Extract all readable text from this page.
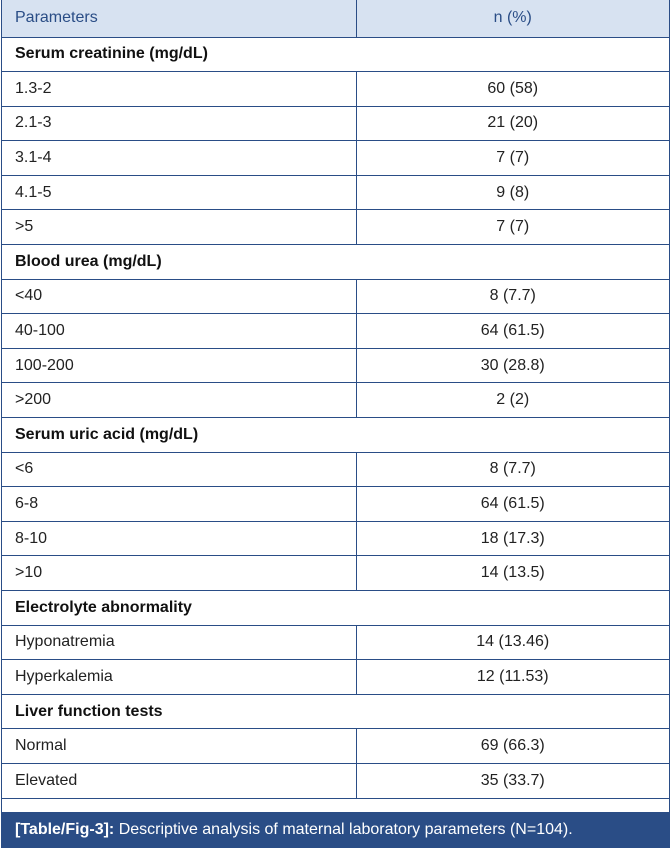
Parameters	n (%)
Serum creatinine (mg/dL)	
1.3-2	60 (58)
2.1-3	21 (20)
3.1-4	7 (7)
4.1-5	9 (8)
>5	7 (7)
Blood urea (mg/dL)	
<40	8 (7.7)
40-100	64 (61.5)
100-200	30 (28.8)
>200	2 (2)
Serum uric acid (mg/dL)	
<6	8 (7.7)
6-8	64 (61.5)
8-10	18 (17.3)
>10	14 (13.5)
Electrolyte abnormality	
Hyponatremia	14 (13.46)
Hyperkalemia	12 (11.53)
Liver function tests	
Normal	69 (66.3)
Elevated	35 (33.7)
[Table/Fig-3]: Descriptive analysis of maternal laboratory parameters (N=104).
